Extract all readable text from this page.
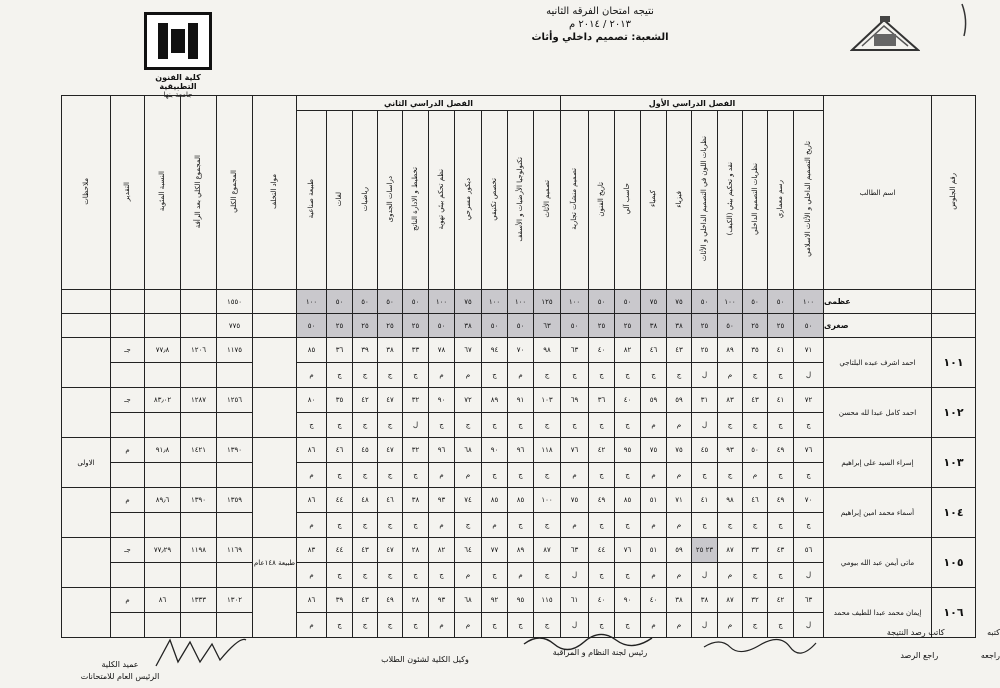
نتيجه امتحان الفرقه الثانيه
٢٠١٣ / ٢٠١٤ م
الشعبة: تصميم داخلي وأثاث
كلية الفنون التطبيقية
جامعة بنها
رقم الجلوس	اسم الطالب	الفصل الدراسي الأول										الفصل الدراسي الثاني										مواد التخلف	المجموع الكلي	المجموع الكلي بعد الرأفة	النسبة المئوية	التقدير	ملاحظات
		تاريخ التصميم الداخلي و الأثاث الاسلامي	رسم معماري	نظريات التصميم الداخلي	نقد و تحكيم بيئي (الكيف)	نظريات اللون في التصميم الداخلي و الأثاث	فيزياء	كيمياء	حاسب آلي	تاريخ الفنون	تصميم منشآت تجارية	تصميم الأثاث	تكنولوجيا الأرضيات و الأسقف	تخصص تكنيقي	ديكور مسرحي	نظم تحكم بيئي تهوية	تخطيط و الادارة الناتج	دراسات الجدوى	رياضيات	لغات	طبيعة صناعية						
	عظمى	١٠٠	٥٠	٥٠	١٠٠	٥٠	٧٥	٧٥	٥٠	٥٠	١٠٠	١٢٥	١٠٠	١٠٠	٧٥	١٠٠	٥٠	٥٠	٥٠	٥٠	١٠٠		١٥٥٠				
	صغرى	٥٠	٢٥	٢٥	٥٠	٢٥	٣٨	٣٨	٢٥	٢٥	٥٠	٦٣	٥٠	٥٠	٣٨	٥٠	٢٥	٢٥	٢٥	٢٥	٥٠		٧٧٥				
١٠١	احمد اشرف عبده البلتاجي	٧١	٤١	٣٥	٨٩	٢٥	٤٣	٤٦	٨٢	٤٠	٦٣	٩٨	٧٠	٩٤	٦٧	٧٨	٣٣	٣٨	٣٩	٣٦	٨٥		١١٧٥	١٢٠٦	٧٧٫٨	جـ	
		ل	ج	ج	م	ل	ج	ج	ج	ج	ج	ج	م	ج	م	م	ج	ج	ج	ج	م						
١٠٢	احمد كامل عبدا لله محسن	٧٢	٤١	٤٣	٨٣	٣١	٥٩	٥٩	٤٠	٣٦	٦٩	١٠٣	٩١	٨٩	٧٢	٩٠	٣٢	٤٧	٤٢	٣٥	٨٠		١٢٥٦	١٢٨٧	٨٣٫٠٢	جـ	
		ج	ج	ج	ج	ل	م	م	ج	ج	ج	ج	ج	ج	ج	ج	ل	ج	ج	ج	ج						
١٠٣	إسراء السيد على إبراهيم	٧٦	٤٩	٥٠	٩٣	٤٥	٧٥	٧٥	٩٥	٤٢	٧٦	١١٨	٩٦	٩٠	٦٨	٩٦	٣٢	٤٧	٤٥	٤٦	٨٦		١٣٩٠	١٤٢١	٩١٫٨	م	الاولى
		ج	ج	م	ج	ج	م	م	ج	ج	م	ج	ج	ج	م	م	ج	ج	ج	ج	م						
١٠٤	أسماء محمد امين إبراهيم	٧٠	٤٩	٤٦	٩٨	٤١	٧١	٥١	٨٥	٤٩	٧٥	١٠٠	٨٥	٨٥	٧٤	٩٣	٣٨	٤٦	٤٨	٤٤	٨٦		١٣٥٩	١٣٩٠	٨٩٫٦	م	
		ج	ج	ج	ج	ج	م	م	ج	ج	م	ج	ج	م	ج	م	ج	ج	ج	ج	م						
١٠٥	ماتى أيمن عبد الله بيومي	٥٦	٤٣	٣٣	٨٧	٢٣ ٢٥	٥٩	٥١	٧٦	٤٤	٦٣	٨٧	٨٩	٧٧	٦٤	٨٢	٢٨	٤٧	٤٣	٤٤	٨٣	طبيعة ١٤٨عام	١١٦٩	١١٩٨	٧٧٫٢٩	جـ	
		ل	ج	ج	م	ل	م	م	ج	ج	ل	ج	م	ج	م	ج	ج	ج	ج	ج	م						
١٠٦	إيمان محمد عبدا للطيف محمد	٦٣	٤٢	٣٢	٨٧	٣٨	٣٨	٤٠	٩٠	٤٠	٦١	١١٥	٩٥	٩٢	٦٨	٩٣	٢٨	٤٩	٤٣	٣٩	٨٦		١٣٠٢	١٣٣٣	٨٦	م	
		ل	ج	ج	م	ل	م	م	ج	ج	ل	ج	ج	ج	م	م	ج	ج	ج	ج	م						
كتبه كاتب رصد النتيجة
راجعه راجع الرصد
رئيس لجنة النظام و المراقبة
وكيل الكلية لشئون الطلاب
عميد الكلية
الرئيس العام للامتحانات
